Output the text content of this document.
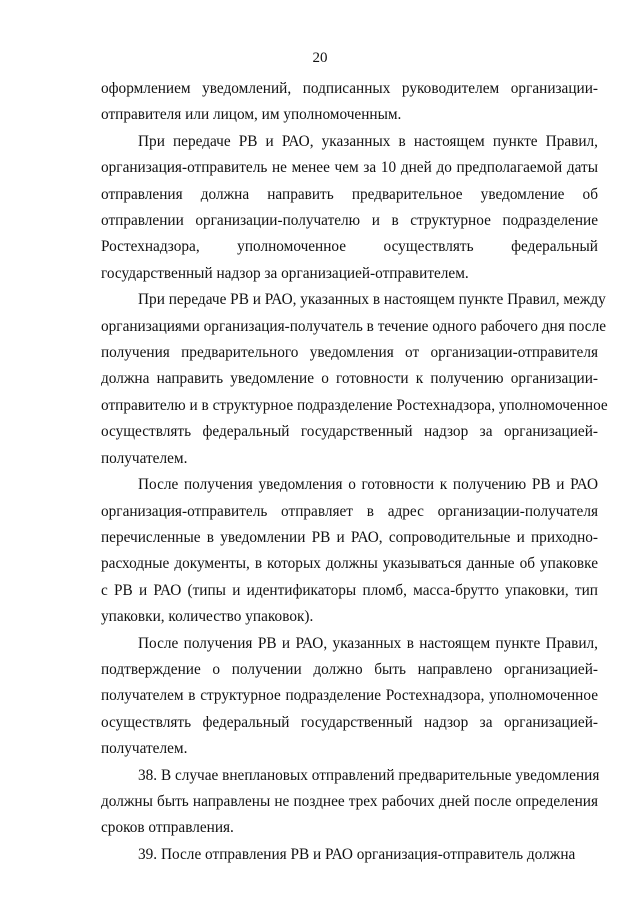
20
оформлением уведомлений, подписанных руководителем организации-
отправителя или лицом, им уполномоченным.
При передаче РВ и РАО, указанных в настоящем пункте Правил,
организация-отправитель не менее чем за 10 дней до предполагаемой даты
отправления должна направить предварительное уведомление об
отправлении организации-получателю и в структурное подразделение
Ростехнадзора, уполномоченное осуществлять федеральный
государственный надзор за организацией-отправителем.
При передаче РВ и РАО, указанных в настоящем пункте Правил, между
организациями организация-получатель в течение одного рабочего дня после
получения предварительного уведомления от организации-отправителя
должна направить уведомление о готовности к получению организации-
отправителю и в структурное подразделение Ростехнадзора, уполномоченное
осуществлять федеральный государственный надзор за организацией-
получателем.
После получения уведомления о готовности к получению РВ и РАО
организация-отправитель отправляет в адрес организации-получателя
перечисленные в уведомлении РВ и РАО, сопроводительные и приходно-
расходные документы, в которых должны указываться данные об упаковке
с РВ и РАО (типы и идентификаторы пломб, масса-брутто упаковки, тип
упаковки, количество упаковок).
После получения РВ и РАО, указанных в настоящем пункте Правил,
подтверждение о получении должно быть направлено организацией-
получателем в структурное подразделение Ростехнадзора, уполномоченное
осуществлять федеральный государственный надзор за организацией-
получателем.
38. В случае внеплановых отправлений предварительные уведомления
должны быть направлены не позднее трех рабочих дней после определения
сроков отправления.
39. После отправления РВ и РАО организация-отправитель должна
